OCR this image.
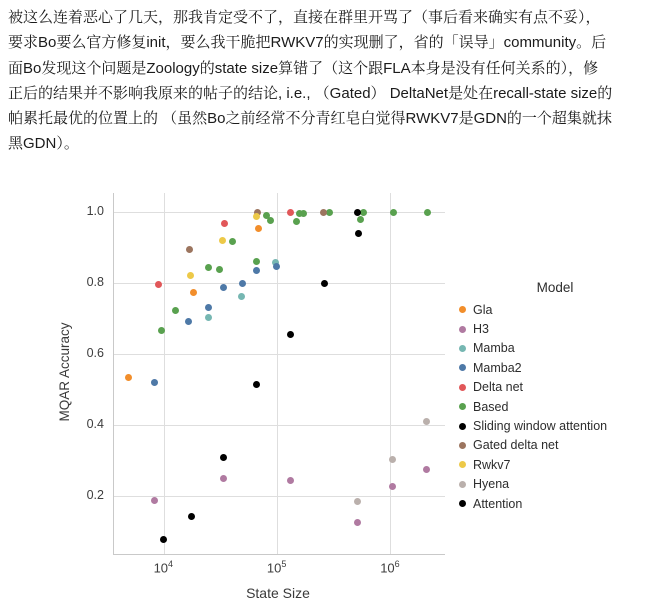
被这么连着恶心了几天，那我肯定受不了，直接在群里开骂了（事后看来确实有点不妥），
要求Bo要么官方修复init，要么我干脆把RWKV7的实现删了，省的「误导」community。后
面Bo发现这个问题是Zoology的state size算错了（这个跟FLA本身是没有任何关系的），修
正后的结果并不影响我原来的帖子的结论, i.e., （Gated） DeltaNet是处在recall-state size的
帕累托最优的位置上的 （虽然Bo之前经常不分青红皂白觉得RWKV7是GDN的一个超集就抹
黑GDN）。
0.2
0.4
0.6
0.8
1.0
$10^4$	$10^5$	$10^6$
State Size
MQAR Accuracy
Model
Gla
H3
Mamba
Mamba2
Delta net
Based
Sliding window attention
Gated delta net
Rwkv7
Hyena
Attention
